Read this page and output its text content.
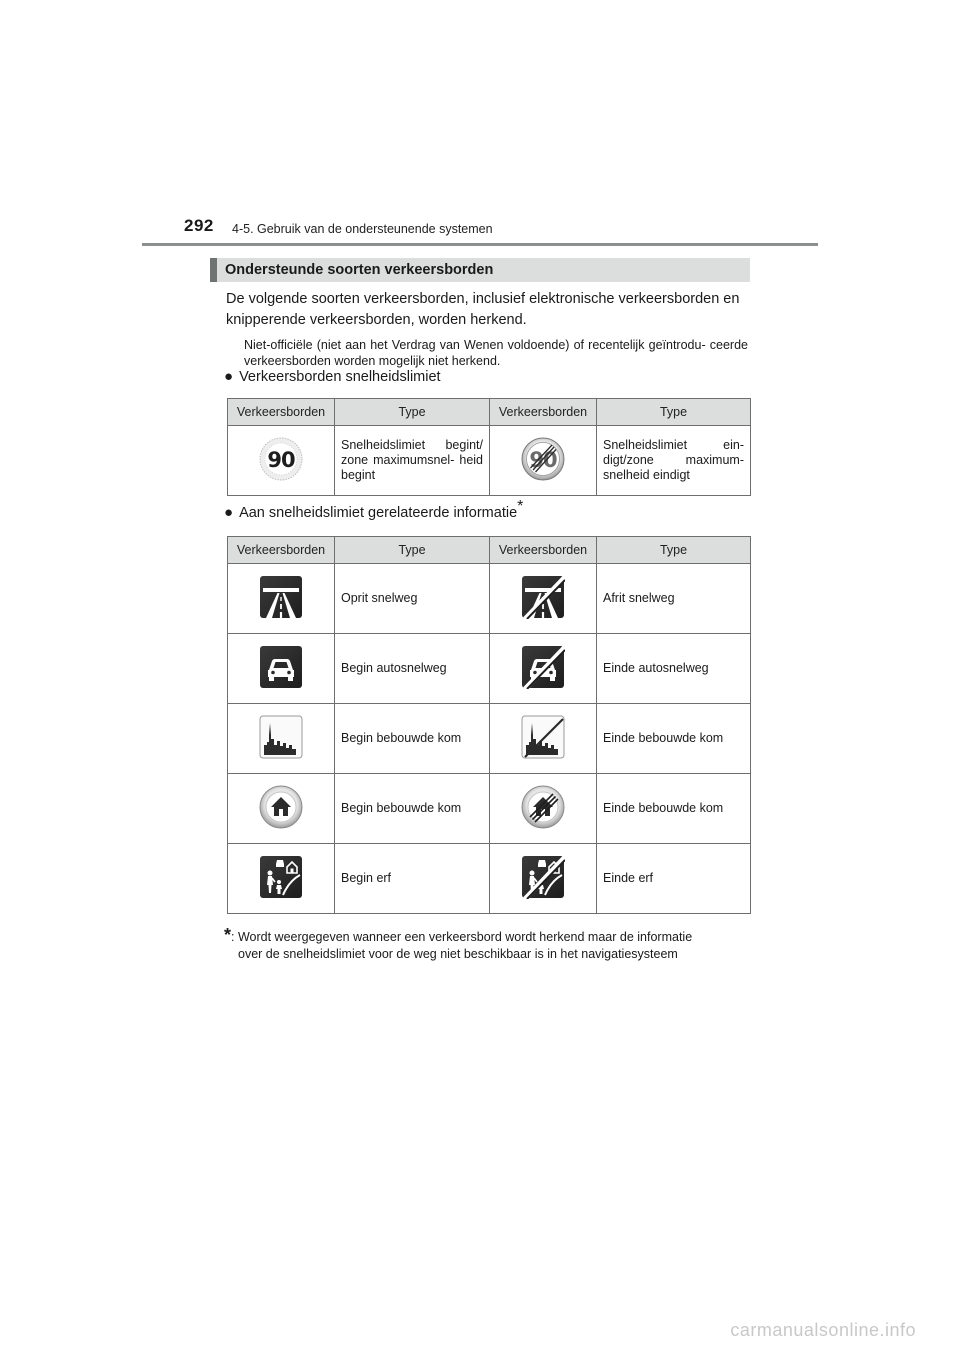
292 4-5. Gebruik van de ondersteunende systemen
Ondersteunde soorten verkeersborden

De volgende soorten verkeersborden, inclusief elektronische verkeersborden en knipperende verkeersborden, worden herkend.

Niet-officiële (niet aan het Verdrag van Wenen voldoende) of recentelijk geïntrodu- ceerde verkeersborden worden mogelijk niet herkend.

● Verkeersborden snelheidslimiet
Verkeersborden	Type	Verkeersborden	Type
	Snelheidslimiet begint/ zone maximumsnel- heid begint		Snelheidslimiet ein- digt/zone maximum- snelheid eindigt
● Aan snelheidslimiet gerelateerde informatie*
Verkeersborden	Type	Verkeersborden	Type
	Oprit snelweg		Afrit snelweg
	Begin autosnelweg		Einde autosnelweg
	Begin bebouwde kom		Einde bebouwde kom
	Begin bebouwde kom		Einde bebouwde kom
	Begin erf		Einde erf

*: Wordt weergegeven wanneer een verkeersbord wordt herkend maar de informatie
over de snelheidslimiet voor de weg niet beschikbaar is in het navigatiesysteem

carmanualsonline.info
